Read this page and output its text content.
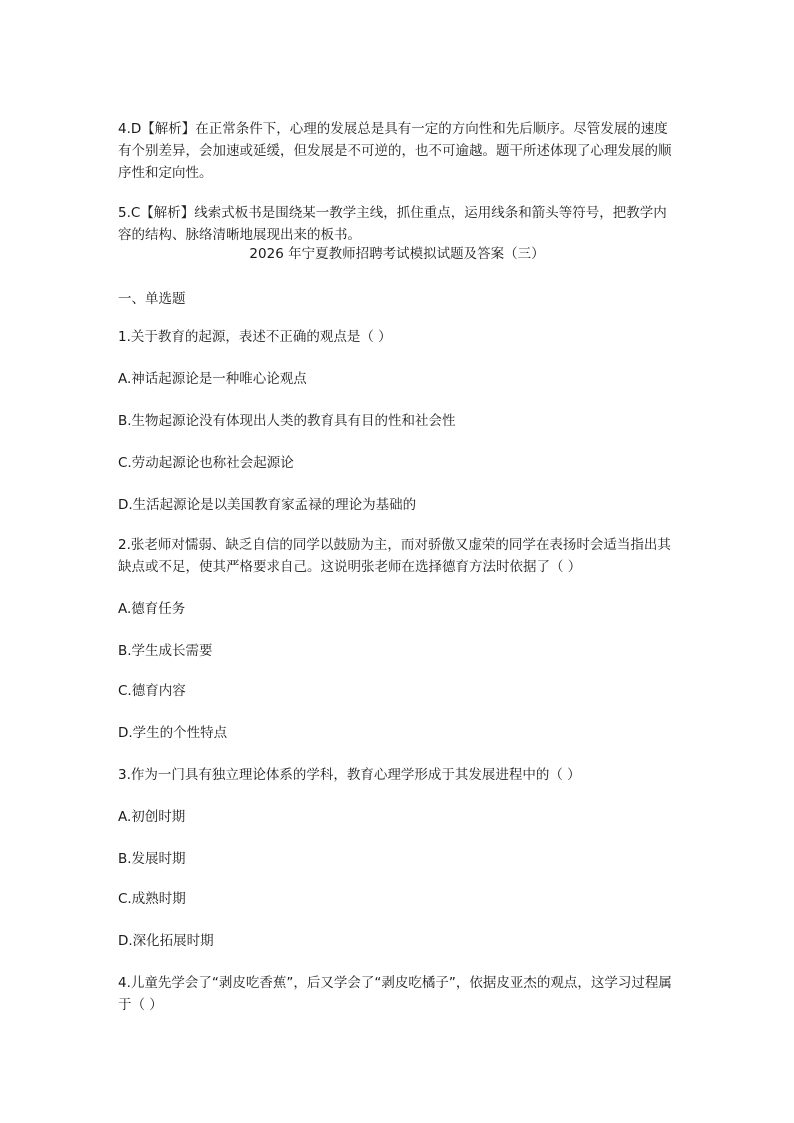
4.D【解析】在正常条件下，心理的发展总是具有一定的方向性和先后顺序。尽管发展的速度有个别差异，会加速或延缓，但发展是不可逆的，也不可逾越。题干所述体现了心理发展的顺序性和定向性。

5.C【解析】线索式板书是围绕某一教学主线，抓住重点，运用线条和箭头等符号，把教学内容的结构、脉络清晰地展现出来的板书。

2026 年宁夏教师招聘考试模拟试题及答案（三）

一、单选题

1.关于教育的起源，表述不正确的观点是（ ）

A.神话起源论是一种唯心论观点

B.生物起源论没有体现出人类的教育具有目的性和社会性

C.劳动起源论也称社会起源论

D.生活起源论是以美国教育家孟禄的理论为基础的

2.张老师对懦弱、缺乏自信的同学以鼓励为主，而对骄傲又虚荣的同学在表扬时会适当指出其缺点或不足，使其严格要求自己。这说明张老师在选择德育方法时依据了（ ）

A.德育任务

B.学生成长需要

C.德育内容

D.学生的个性特点

3.作为一门具有独立理论体系的学科，教育心理学形成于其发展进程中的（ ）

A.初创时期

B.发展时期

C.成熟时期

D.深化拓展时期

4.儿童先学会了“剥皮吃香蕉”，后又学会了“剥皮吃橘子”，依据皮亚杰的观点，这学习过程属于（ ）
